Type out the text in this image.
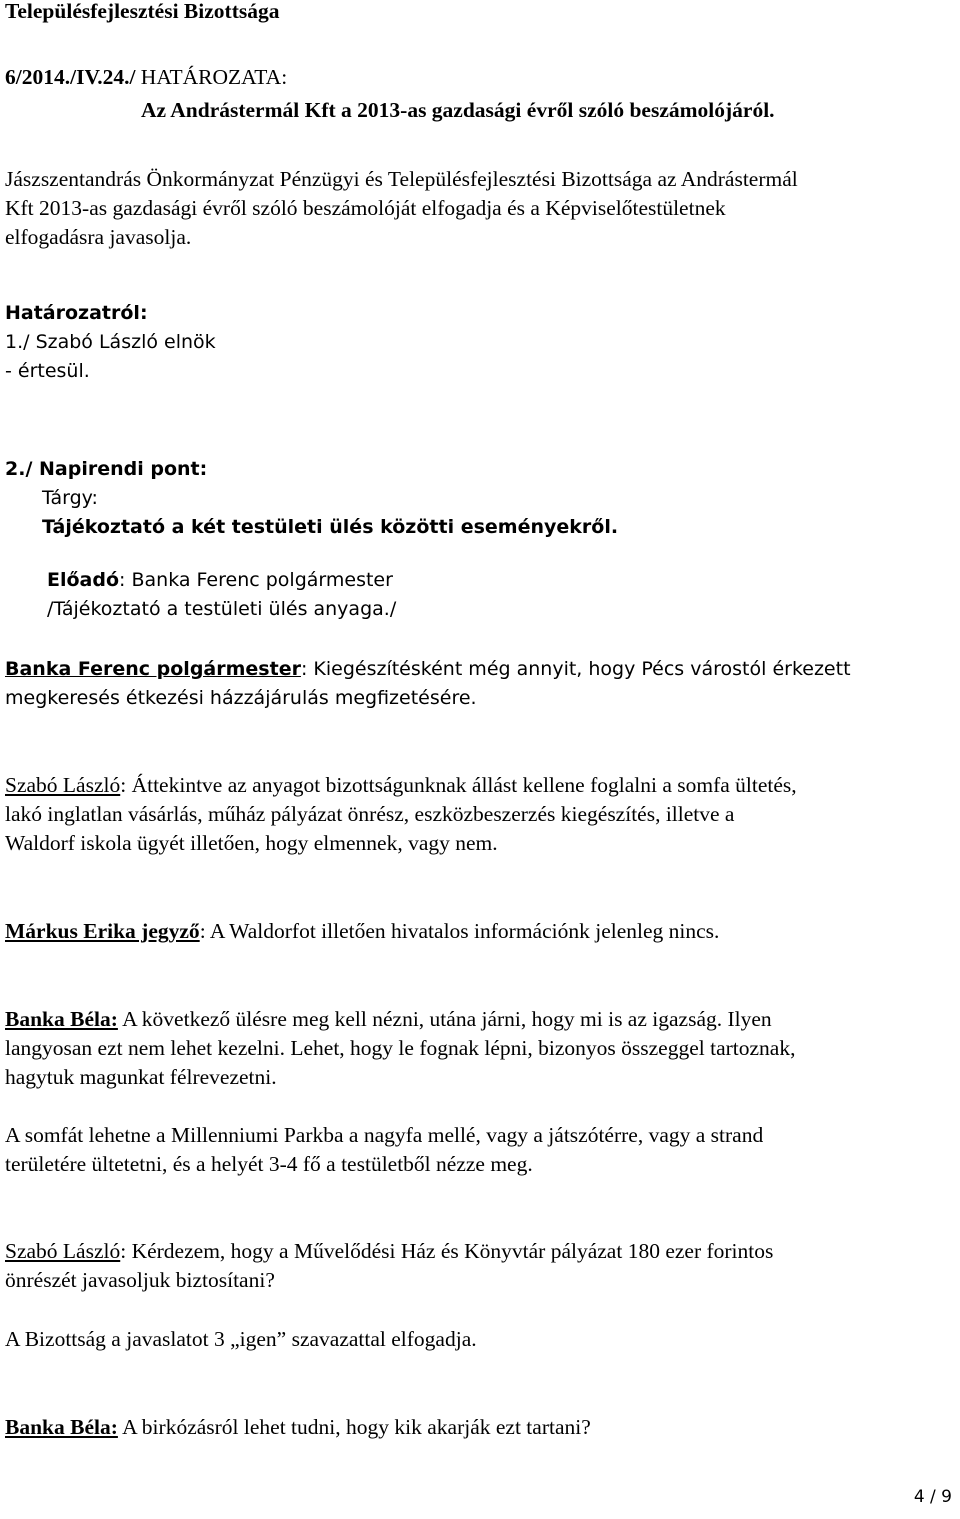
Településfejlesztési Bizottsága
6/2014./IV.24./ HATÁROZATA:
Az Andrástermál Kft a 2013-as gazdasági évről szóló beszámolójáról.
Jászszentandrás Önkormányzat Pénzügyi és Településfejlesztési Bizottsága az Andrástermál
Kft 2013-as gazdasági évről szóló beszámolóját elfogadja és a Képviselőtestületnek
elfogadásra javasolja.
Határozatról:
1./ Szabó László elnök
- értesül.
2./ Napirendi pont:
Tárgy:
Tájékoztató a két testületi ülés közötti eseményekről.
Előadó: Banka Ferenc polgármester
/Tájékoztató a testületi ülés anyaga./
Banka Ferenc polgármester: Kiegészítésként még annyit, hogy Pécs várostól érkezett
megkeresés étkezési házzájárulás megfizetésére.
Szabó László: Áttekintve az anyagot bizottságunknak állást kellene foglalni a somfa ültetés,
lakó inglatlan vásárlás, műház pályázat önrész, eszközbeszerzés kiegészítés, illetve a
Waldorf iskola ügyét illetően, hogy elmennek, vagy nem.
Márkus Erika jegyző: A Waldorfot illetően hivatalos információnk jelenleg nincs.
Banka Béla: A következő ülésre meg kell nézni, utána járni, hogy mi is az igazság. Ilyen
langyosan ezt nem lehet kezelni. Lehet, hogy le fognak lépni, bizonyos összeggel tartoznak,
hagytuk magunkat félrevezetni.
A somfát lehetne a Millenniumi Parkba a nagyfa mellé, vagy a játszótérre, vagy a strand
területére ültetetni, és a helyét 3-4 fő a testületből nézze meg.
Szabó László: Kérdezem, hogy a Művelődési Ház és Könyvtár pályázat 180 ezer forintos
önrészét javasoljuk biztosítani?
A Bizottság a javaslatot 3 „igen” szavazattal elfogadja.
Banka Béla: A birkózásról lehet tudni, hogy kik akarják ezt tartani?
4 / 9
